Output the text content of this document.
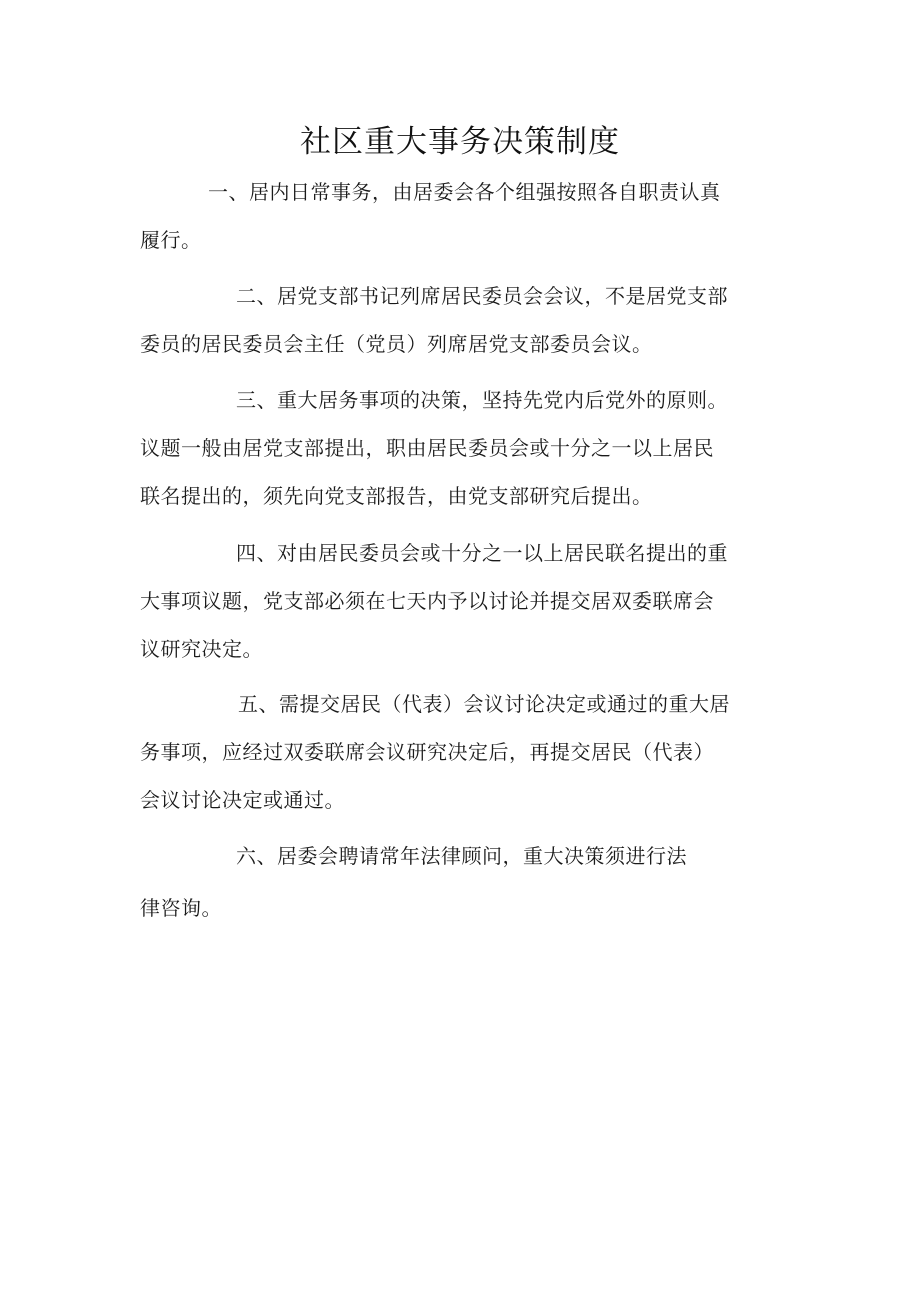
社区重大事务决策制度
一、居内日常事务，由居委会各个组强按照各自职责认真
履行。
二、居党支部书记列席居民委员会会议，不是居党支部
委员的居民委员会主任（党员）列席居党支部委员会议。
三、重大居务事项的决策，坚持先党内后党外的原则。
议题一般由居党支部提出，职由居民委员会或十分之一以上居民
联名提出的，须先向党支部报告，由党支部研究后提出。
四、对由居民委员会或十分之一以上居民联名提出的重
大事项议题，党支部必须在七天内予以讨论并提交居双委联席会
议研究决定。
五、需提交居民（代表）会议讨论决定或通过的重大居
务事项，应经过双委联席会议研究决定后，再提交居民（代表）
会议讨论决定或通过。
六、居委会聘请常年法律顾问，重大决策须进行法
律咨询。
